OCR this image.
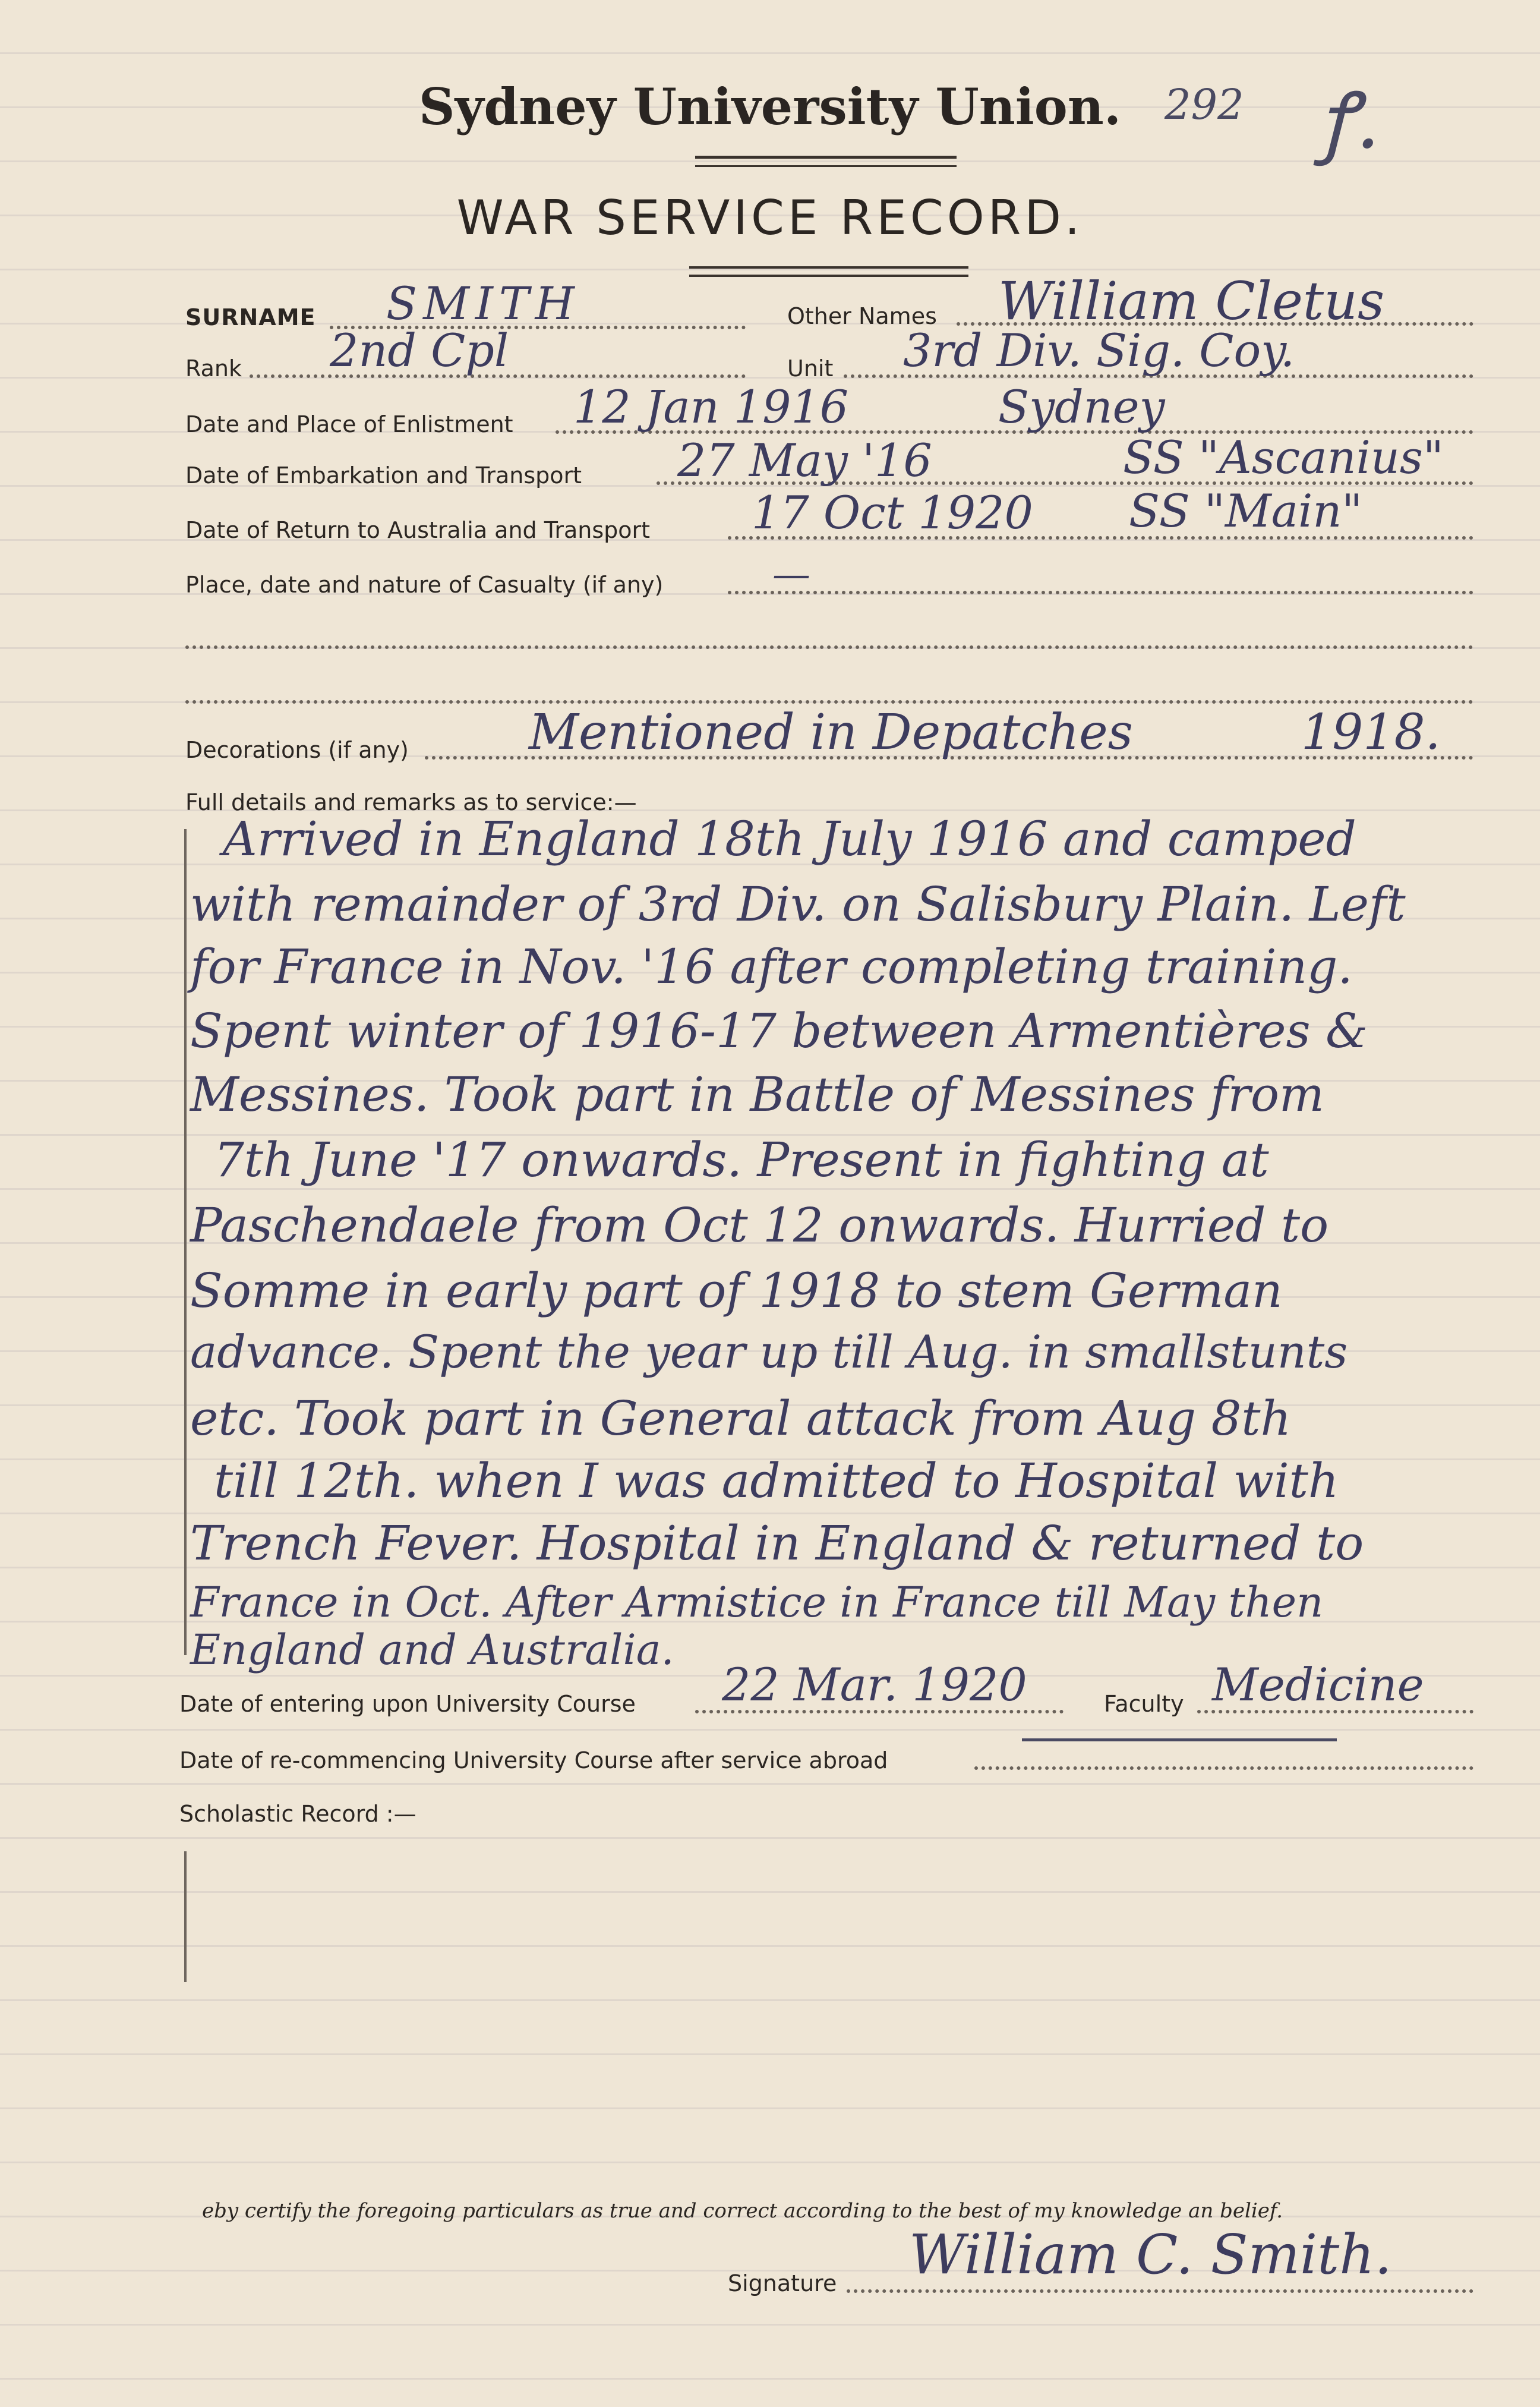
Sydney University Union.	292 ꝭ.
WAR SERVICE RECORD.
SURNAME SMITH	Other Names William Cletus
Rank 2nd Cpl	Unit 3rd Div. Sig. Coy.
Date and Place of Enlistment 12 Jan 1916	Sydney
Date of Embarkation and Transport 27 May '16	SS "Ascanius"
Date of Return to Australia and Transport 17 Oct 1920 SS "Main"
Place, date and nature of Casualty (if any)	—
Decorations (if any) Mentioned in Depatches	1918.
Full details and remarks as to service:—
Arrived in England 18th July 1916 and camped
with remainder of 3rd Div. on Salisbury Plain. Left
for France in Nov. '16 after completing training.
Spent winter of 1916-17 between Armentières &
Messines. Took part in Battle of Messines from
7th June '17 onwards. Present in fighting at
Paschendaele from Oct 12 onwards. Hurried to
Somme in early part of 1918 to stem German
advance. Spent the year up till Aug. in smallstunts
etc. Took part in General attack from Aug 8th
till 12th. when I was admitted to Hospital with
Trench Fever. Hospital in England & returned to
France in Oct. After Armistice in France till May then
England and Australia.
Date of entering upon University Course 22 Mar. 1920	Faculty Medicine
Date of re-commencing University Course after service abroad
Scholastic Record :—
eby certify the foregoing particulars as true and correct according to the best of my knowledge an belief.
Signature William C. Smith.
